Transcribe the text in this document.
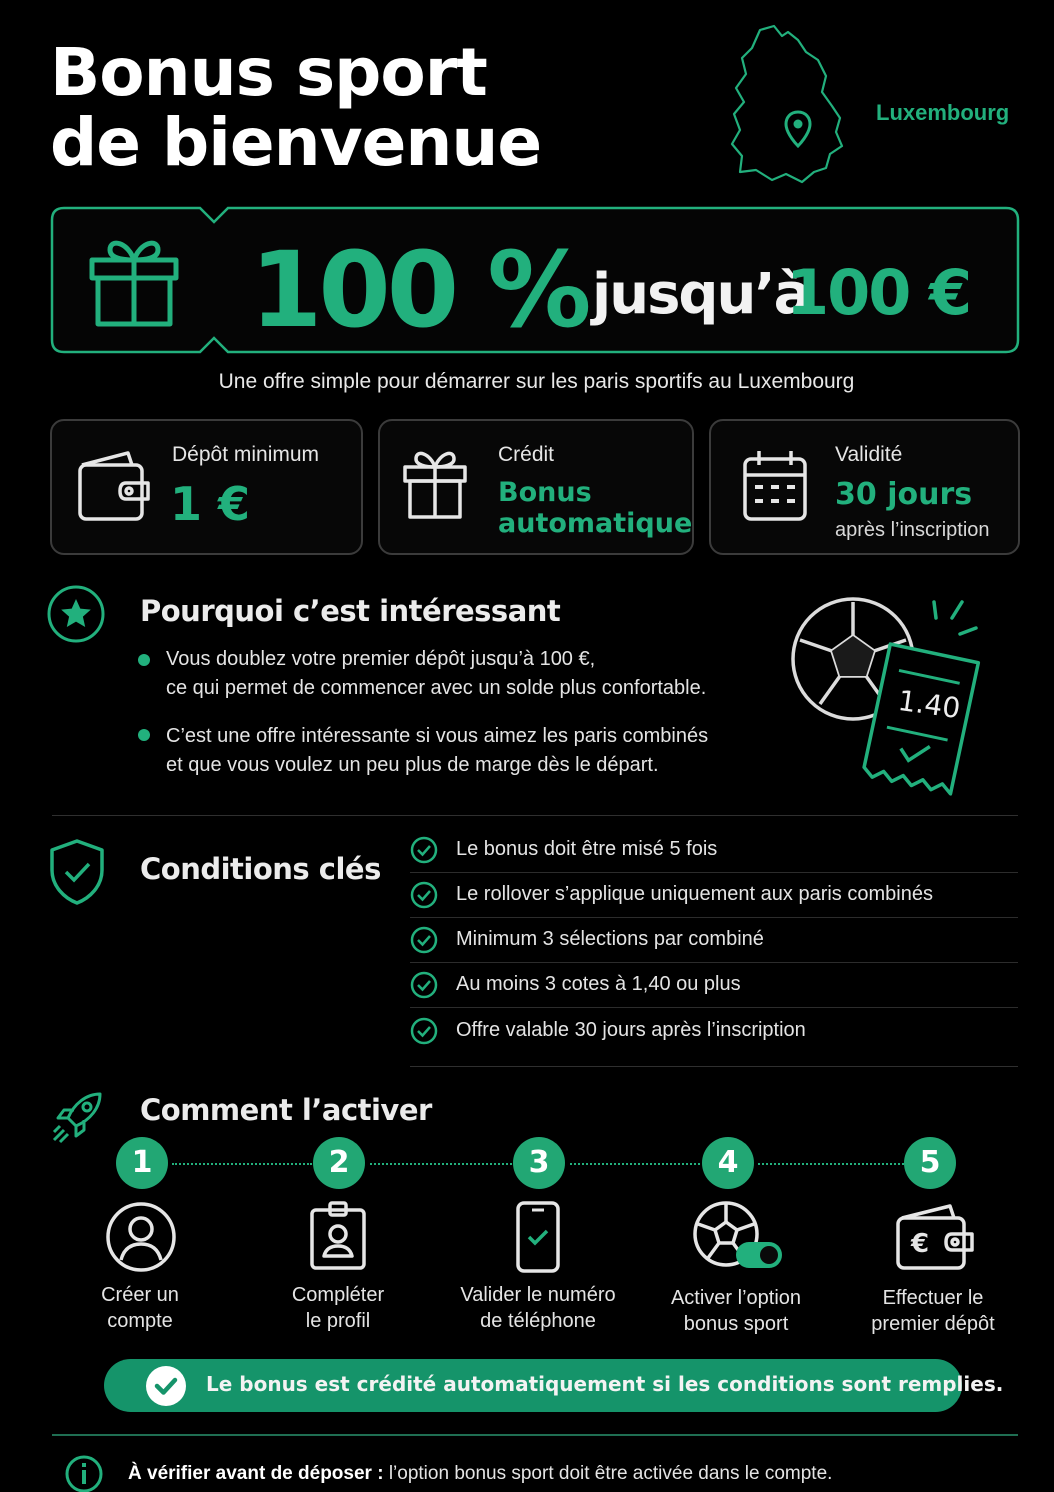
Bonus sport
de bienvenue	Luxembourg
100 % jusqu’à
100 €
Une offre simple pour démarrer sur les paris sportifs au Luxembourg
Dépôt minimum
1 €
Crédit
Bonus
automatique
Validité
30 jours
après l’inscription
Pourquoi c’est intéressant
Vous doublez votre premier dépôt jusqu’à 100 €,
ce qui permet de commencer avec un solde plus confortable.
C’est une offre intéressante si vous aimez les paris combinés
et que vous voulez un peu plus de marge dès le départ.
1.40
Conditions clés
Le bonus doit être misé 5 fois
Le rollover s’applique uniquement aux paris combinés
Minimum 3 sélections par combiné
Au moins 3 cotes à 1,40 ou plus
Offre valable 30 jours après l’inscription
Comment l’activer
1
Créer un
compte
2
Compléter
le profil
3
Valider le numéro
de téléphone
4
Activer l’option
bonus sport
5
€
Effectuer le
premier dépôt
Le bonus est crédité automatiquement si les conditions sont remplies.
À vérifier avant de déposer : l’option bonus sport doit être activée dans le compte.
